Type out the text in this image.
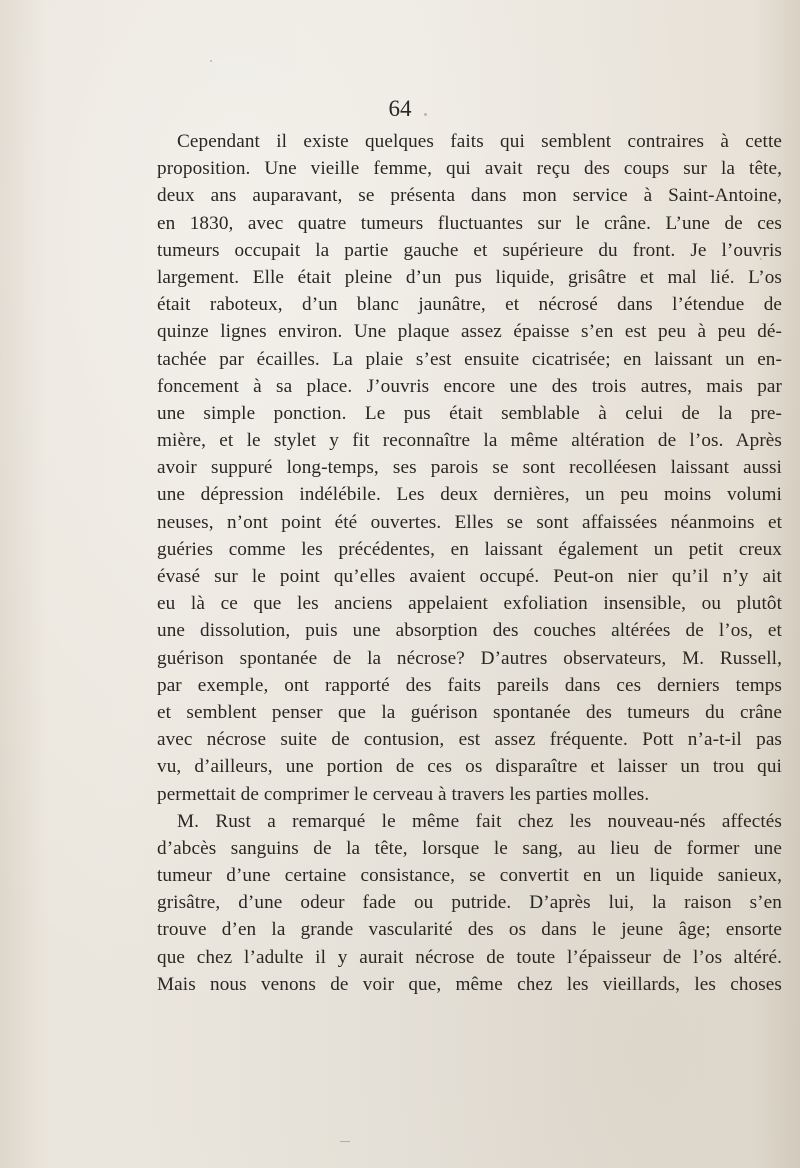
64

Cependant il existe quelques faits qui semblent contraires à cette
proposition. Une vieille femme, qui avait reçu des coups sur la tête,
deux ans auparavant, se présenta dans mon service à Saint-Antoine,
en 1830, avec quatre tumeurs fluctuantes sur le crâne. L’une de ces
tumeurs occupait la partie gauche et supérieure du front. Je l’ouvris
largement. Elle était pleine d’un pus liquide, grisâtre et mal lié. L’os
était raboteux, d’un blanc jaunâtre, et nécrosé dans l’étendue de
quinze lignes environ. Une plaque assez épaisse s’en est peu à peu dé-
tachée par écailles. La plaie s’est ensuite cicatrisée; en laissant un en-
foncement à sa place. J’ouvris encore une des trois autres, mais par
une simple ponction. Le pus était semblable à celui de la pre-
mière, et le stylet y fit reconnaître la même altération de l’os. Après
avoir suppuré long-temps, ses parois se sont recolléesen laissant aussi
une dépression indélébile. Les deux dernières, un peu moins volumi
neuses, n’ont point été ouvertes. Elles se sont affaissées néanmoins et
guéries comme les précédentes, en laissant également un petit creux
évasé sur le point qu’elles avaient occupé. Peut-on nier qu’il n’y ait
eu là ce que les anciens appelaient exfoliation insensible, ou plutôt
une dissolution, puis une absorption des couches altérées de l’os, et
guérison spontanée de la nécrose? D’autres observateurs, M. Russell,
par exemple, ont rapporté des faits pareils dans ces derniers temps
et semblent penser que la guérison spontanée des tumeurs du crâne
avec nécrose suite de contusion, est assez fréquente. Pott n’a-t-il pas
vu, d’ailleurs, une portion de ces os disparaître et laisser un trou qui
permettait de comprimer le cerveau à travers les parties molles.
M. Rust a remarqué le même fait chez les nouveau-nés affectés
d’abcès sanguins de la tête, lorsque le sang, au lieu de former une
tumeur d’une certaine consistance, se convertit en un liquide sanieux,
grisâtre, d’une odeur fade ou putride. D’après lui, la raison s’en
trouve d’en la grande vascularité des os dans le jeune âge; ensorte
que chez l’adulte il y aurait nécrose de toute l’épaisseur de l’os altéré.
Mais nous venons de voir que, même chez les vieillards, les choses
